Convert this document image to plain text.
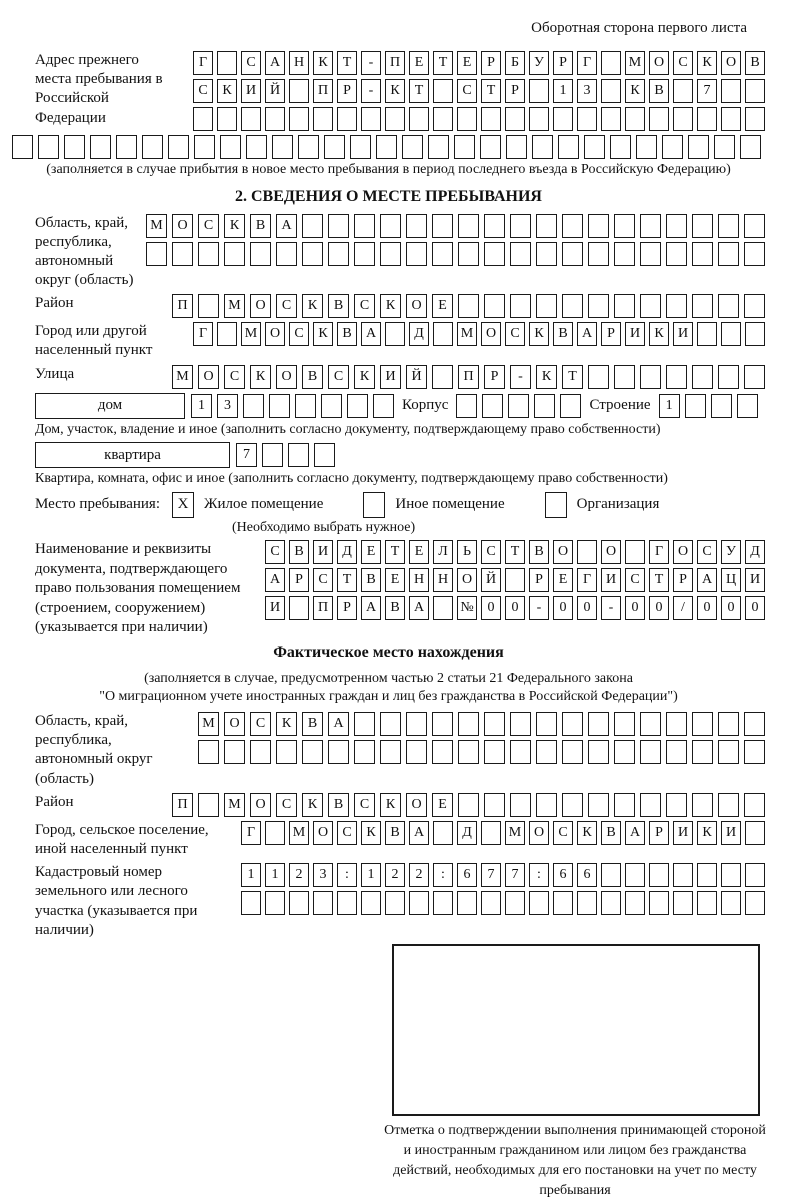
Оборотная сторона первого листа
Адрес прежнего места пребывания в Российской Федерации
Г	С	А Н	К	Т	-	П	Е	Т	Е	Р	Б	У	Р	Г	М О	С	К	О	В
С	К	И Й	П	Р	-	К	Т	С	Т	Р	1	3	К	В	7
(заполняется в случае прибытия в новое место пребывания в период последнего въезда в Российскую Федерацию)
2. СВЕДЕНИЯ О МЕСТЕ ПРЕБЫВАНИЯ
Область, край, республика, автономный округ (область)
М	О	С	К	В	А
Район	П	М	О	С	К	В	С	К	О	Е
Город или другой населенный пункт
Г	М О	С	К	В	А	Д	М О	С	К	В	А	Р	И	К	И
Улица	М	О	С	К	О	В	С	К	И	Й	П	Р	-	К	Т
дом	1	3	Корпус	Строение	1
Дом, участок, владение и иное (заполнить согласно документу, подтверждающему право собственности)
квартира	7
Квартира, комната, офис и иное (заполнить согласно документу, подтверждающему право собственности)
Место пребывания:	X	Жилое помещение	Иное помещение	Организация
(Необходимо выбрать нужное)
Наименование и реквизиты документа, подтверждающего право пользования помещением (строением, сооружением) (указывается при наличии)
С	В	И	Д	Е	Т	Е	Л	Ь	С	Т	В	О	О	Г	О	С	У	Д
А	Р	С	Т	В	Е	Н Н О Й	Р	Е	Г	И	С	Т	Р	А Ц И
И	П	Р	А	В	А	№ 0	0	-	0	0	-	0	0	/	0	0	0
Фактическое место нахождения
(заполняется в случае, предусмотренном частью 2 статьи 21 Федерального закона
"О миграционном учете иностранных граждан и лиц без гражданства в Российской Федерации")
Область, край, республика, автономный округ (область)
М	О	С	К	В	А
Район	П	М	О	С	К	В	С	К	О	Е
Город, сельское поселение, иной населенный пункт
Г	М О	С	К	В	А	Д	М О	С	К	В	А	Р	И	К	И
Кадастровый номер земельного или лесного участка (указывается при наличии)
1	1	2	3	:	1	2	2	:	6	7	7	:	6	6
Отметка о подтверждении выполнения принимающей стороной и иностранным гражданином или лицом без гражданства действий, необходимых для его постановки на учет по месту пребывания
